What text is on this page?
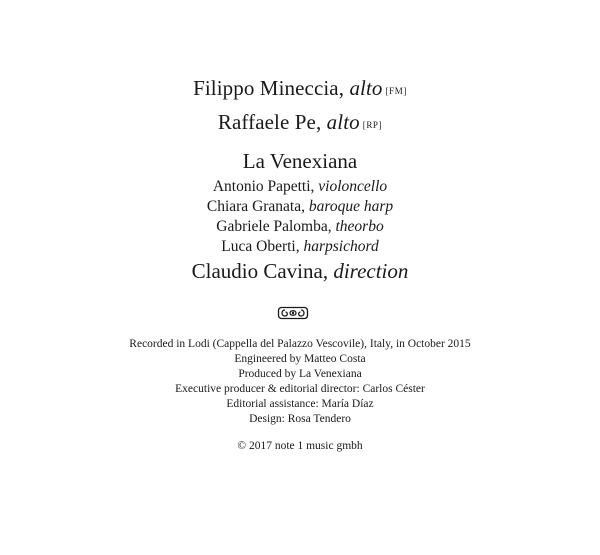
Filippo Mineccia, alto [FM]
Raffaele Pe, alto [RP]
La Venexiana
Antonio Papetti, violoncello
Chiara Granata, baroque harp
Gabriele Palomba, theorbo
Luca Oberti, harpsichord
Claudio Cavina, direction
Recorded in Lodi (Cappella del Palazzo Vescovile), Italy, in October 2015
Engineered by Matteo Costa
Produced by La Venexiana
Executive producer & editorial director: Carlos Céster
Editorial assistance: María Díaz
Design: Rosa Tendero
© 2017 note 1 music gmbh
